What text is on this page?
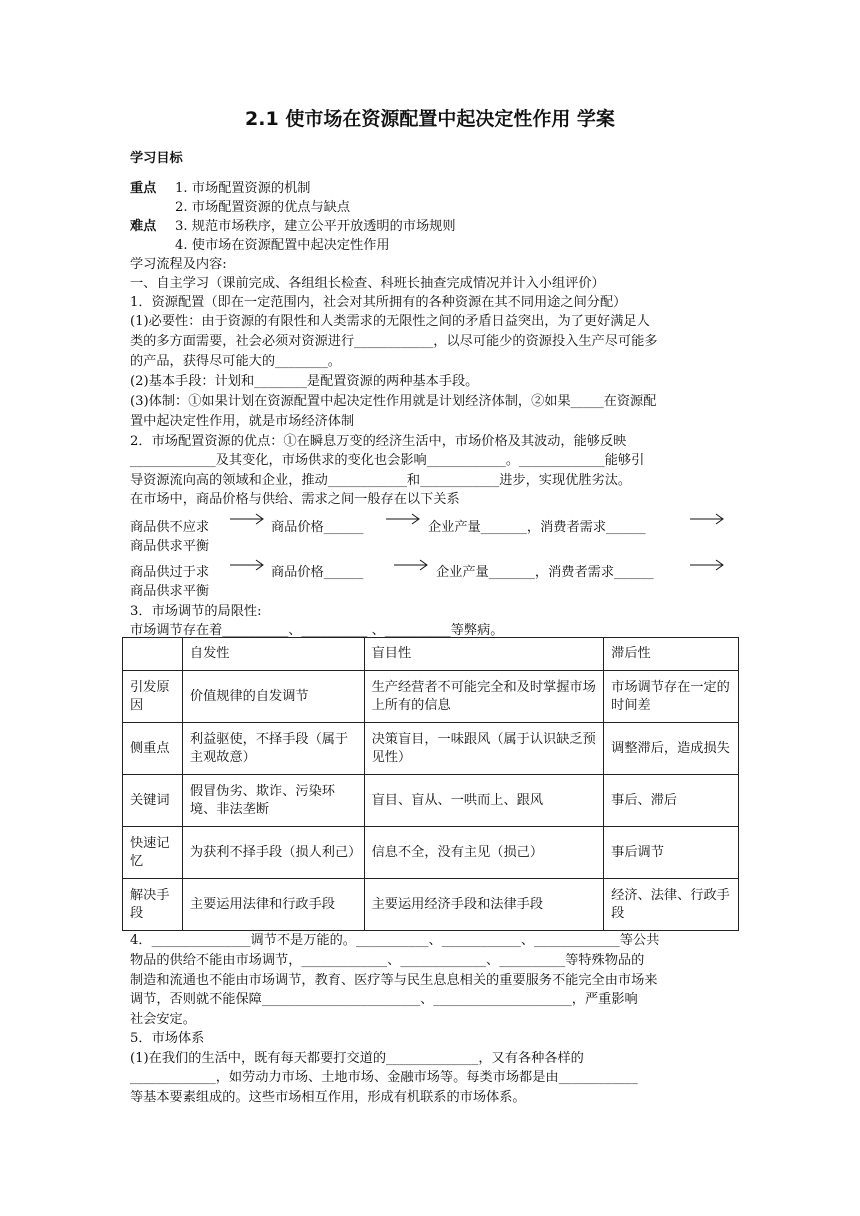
2.1 使市场在资源配置中起决定性作用 学案
学习目标
重点 1. 市场配置资源的机制
2. 市场配置资源的优点与缺点
难点 3. 规范市场秩序，建立公平开放透明的市场规则
4. 使市场在资源配置中起决定性作用
学习流程及内容:
一、自主学习（课前完成、各组组长检查、科班长抽查完成情况并计入小组评价）
1．资源配置（即在一定范围内，社会对其所拥有的各种资源在其不同用途之间分配）
(1)必要性：由于资源的有限性和人类需求的无限性之间的矛盾日益突出，为了更好满足人
类的多方面需要，社会必须对资源进行____________，以尽可能少的资源投入生产尽可能多
的产品，获得尽可能大的________。
(2)基本手段：计划和________是配置资源的两种基本手段。
(3)体制：①如果计划在资源配置中起决定性作用就是计划经济体制，②如果_____在资源配
置中起决定性作用，就是市场经济体制
2．市场配置资源的优点：①在瞬息万变的经济生活中，市场价格及其波动，能够反映
_____________及其变化，市场供求的变化也会影响____________。_____________能够引
导资源流向高的领域和企业，推动____________和____________进步，实现优胜劣汰。
在市场中，商品价格与供给、需求之间一般存在以下关系
商品供不应求	商品价格______	企业产量_______，消费者需求______
商品供求平衡
商品供过于求	商品价格______	企业产量_______，消费者需求______
商品供求平衡
3．市场调节的局限性:
市场调节存在着__________、__________ 、__________等弊病。
	自发性	盲目性	滞后性
引发原因	价值规律的自发调节	生产经营者不可能完全和及时掌握市场上所有的信息	市场调节存在一定的时间差
侧重点	利益驱使，不择手段（属于主观故意）	决策盲目，一味跟风（属于认识缺乏预见性）	调整滞后，造成损失
关键词	假冒伪劣、欺诈、污染环境、非法垄断	盲目、盲从、一哄而上、跟风	事后、滞后
快速记忆	为获利不择手段（损人利己）	信息不全，没有主见（损己）	事后调节
解决手段	主要运用法律和行政手段	主要运用经济手段和法律手段	经济、法律、行政手段
4．_______________调节不是万能的。___________、____________、_____________等公共
物品的供给不能由市场调节，_____________、_____________、__________等特殊物品的
制造和流通也不能由市场调节，教育、医疗等与民生息息相关的重要服务不能完全由市场来
调节，否则就不能保障________________________、_____________________，严重影响
社会安定。
5．市场体系
(1)在我们的生活中，既有每天都要打交道的______________，又有各种各样的
_____________，如劳动力市场、土地市场、金融市场等。每类市场都是由____________
等基本要素组成的。这些市场相互作用，形成有机联系的市场体系。
